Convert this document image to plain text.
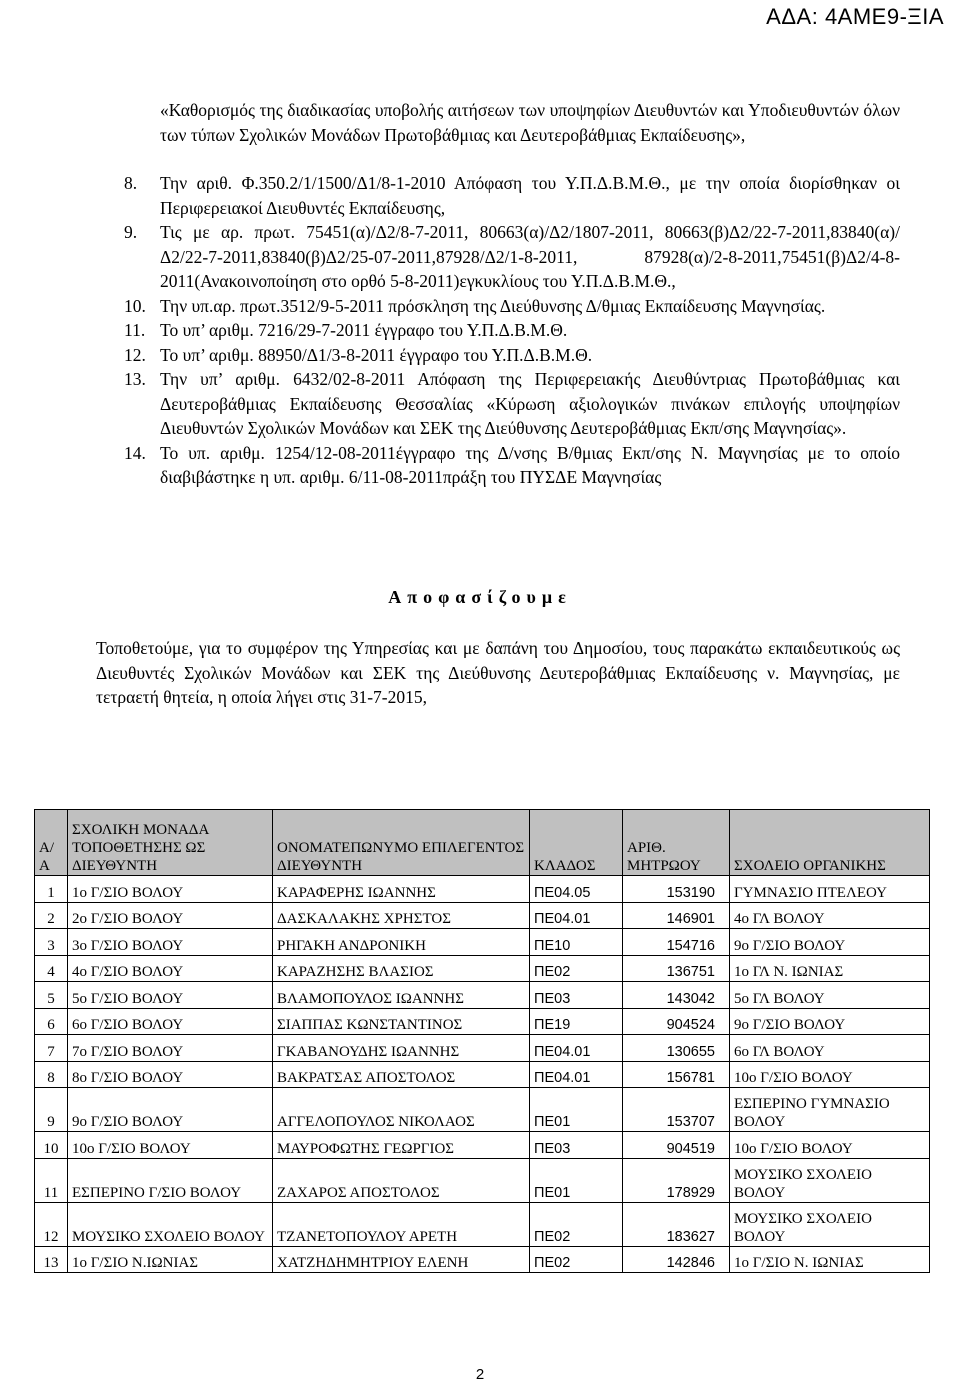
ΑΔΑ: 4ΑΜΕ9-ΞΙΑ

«Καθορισμός της διαδικασίας υποβολής αιτήσεων των υποψηφίων Διευθυντών και Υποδιευθυντών όλων των τύπων Σχολικών Μονάδων Πρωτοβάθμιας και Δευτεροβάθμιας Εκπαίδευσης»,

8.	Την αριθ. Φ.350.2/1/1500/Δ1/8-1-2010 Απόφαση του Υ.Π.Δ.Β.Μ.Θ., με την οποία διορίσθηκαν οι Περιφερειακοί Διευθυντές Εκπαίδευσης,
9.	Τις με αρ. πρωτ. 75451(α)/Δ2/8-7-2011, 80663(α)/Δ2/1807-2011, 80663(β)Δ2/22-7-2011,83840(α)/Δ2/22-7-2011,83840(β)Δ2/25-07-2011,87928/Δ2/1-8-2011, 87928(α)/2-8-2011,75451(β)Δ2/4-8-2011(Ανακοινοποίηση στο ορθό 5-8-2011)εγκυκλίους του Υ.Π.Δ.Β.Μ.Θ.,
10. Την υπ.αρ. πρωτ.3512/9-5-2011 πρόσκληση της Διεύθυνσης Δ/θμιας Εκπαίδευσης Μαγνησίας.
11. Το υπ’ αριθμ. 7216/29-7-2011 έγγραφο του Υ.Π.Δ.Β.Μ.Θ.
12. Το υπ’ αριθμ. 88950/Δ1/3-8-2011 έγγραφο του Υ.Π.Δ.Β.Μ.Θ.
13. Την υπ’ αριθμ. 6432/02-8-2011 Απόφαση της Περιφερειακής Διευθύντριας Πρωτοβάθμιας και Δευτεροβάθμιας Εκπαίδευσης Θεσσαλίας «Κύρωση αξιολογικών πινάκων επιλογής υποψηφίων Διευθυντών Σχολικών Μονάδων και ΣΕΚ της Διεύθυνσης Δευτεροβάθμιας Εκπ/σης Μαγνησίας».
14. Το υπ. αριθμ. 1254/12-08-2011έγγραφο της Δ/νσης Β/θμιας Εκπ/σης Ν. Μαγνησίας με το οποίο διαβιβάστηκε η υπ. αριθμ. 6/11-08-2011πράξη του ΠΥΣΔΕ Μαγνησίας
Αποφασίζουμε
Τοποθετούμε, για το συμφέρον της Υπηρεσίας και με δαπάνη του Δημοσίου, τους παρακάτω εκπαιδευτικούς ως Διευθυντές Σχολικών Μονάδων και ΣΕΚ της Διεύθυνσης Δευτεροβάθμιας Εκπαίδευσης ν. Μαγνησίας, με τετραετή θητεία, η οποία λήγει στις 31-7-2015,
Α/Α	ΣΧΟΛΙΚΗ ΜΟΝΑΔΑ ΤΟΠΟΘΕΤΗΣΗΣ ΩΣ ΔΙΕΥΘΥΝΤΗ	ΟΝΟΜΑΤΕΠΩΝΥΜΟ ΕΠΙΛΕΓΕΝΤΟΣ ΔΙΕΥΘΥΝΤΗ	ΚΛΑΔΟΣ	ΑΡΙΘ. ΜΗΤΡΩΟΥ	ΣΧΟΛΕΙΟ ΟΡΓΑΝΙΚΗΣ
1	1ο Γ/ΣΙΟ ΒΟΛΟΥ	ΚΑΡΑΦΕΡΗΣ ΙΩΑΝΝΗΣ	ΠΕ04.05	153190	ΓΥΜΝΑΣΙΟ ΠΤΕΛΕΟΥ
2	2ο Γ/ΣΙΟ ΒΟΛΟΥ	ΔΑΣΚΑΛΑΚΗΣ ΧΡΗΣΤΟΣ	ΠΕ04.01	146901	4ο ΓΛ ΒΟΛΟΥ
3	3ο Γ/ΣΙΟ ΒΟΛΟΥ	ΡΗΓΑΚΗ ΑΝΔΡΟΝΙΚΗ	ΠΕ10	154716	9ο Γ/ΣΙΟ ΒΟΛΟΥ
4	4ο Γ/ΣΙΟ ΒΟΛΟΥ	ΚΑΡΑΖΗΣΗΣ ΒΛΑΣΙΟΣ	ΠΕ02	136751	1ο ΓΛ Ν. ΙΩΝΙΑΣ
5	5ο Γ/ΣΙΟ ΒΟΛΟΥ	ΒΛΑΜΟΠΟΥΛΟΣ ΙΩΑΝΝΗΣ	ΠΕ03	143042	5ο ΓΛ ΒΟΛΟΥ
6	6ο Γ/ΣΙΟ ΒΟΛΟΥ	ΣΙΑΠΠΑΣ ΚΩΝΣΤΑΝΤΙΝΟΣ	ΠΕ19	904524	9ο Γ/ΣΙΟ ΒΟΛΟΥ
7	7ο Γ/ΣΙΟ ΒΟΛΟΥ	ΓΚΑΒΑΝΟΥΔΗΣ ΙΩΑΝΝΗΣ	ΠΕ04.01	130655	6ο ΓΛ ΒΟΛΟΥ
8	8ο Γ/ΣΙΟ ΒΟΛΟΥ	ΒΑΚΡΑΤΣΑΣ ΑΠΟΣΤΟΛΟΣ	ΠΕ04.01	156781	10ο Γ/ΣΙΟ ΒΟΛΟΥ
9	9ο Γ/ΣΙΟ ΒΟΛΟΥ	ΑΓΓΕΛΟΠΟΥΛΟΣ ΝΙΚΟΛΑΟΣ	ΠΕ01	153707	ΕΣΠΕΡΙΝΟ ΓΥΜΝΑΣΙΟ ΒΟΛΟΥ
10	10ο Γ/ΣΙΟ ΒΟΛΟΥ	ΜΑΥΡΟΦΩΤΗΣ ΓΕΩΡΓΙΟΣ	ΠΕ03	904519	10ο Γ/ΣΙΟ ΒΟΛΟΥ
11	ΕΣΠΕΡΙΝΟ Γ/ΣΙΟ ΒΟΛΟΥ	ΖΑΧΑΡΟΣ ΑΠΟΣΤΟΛΟΣ	ΠΕ01	178929	ΜΟΥΣΙΚΟ ΣΧΟΛΕΙΟ ΒΟΛΟΥ
12	ΜΟΥΣΙΚΟ ΣΧΟΛΕΙΟ ΒΟΛΟΥ	ΤΖΑΝΕΤΟΠΟΥΛΟΥ ΑΡΕΤΗ	ΠΕ02	183627	ΜΟΥΣΙΚΟ ΣΧΟΛΕΙΟ ΒΟΛΟΥ
13	1ο Γ/ΣΙΟ Ν.ΙΩΝΙΑΣ	ΧΑΤΖΗΔΗΜΗΤΡΙΟΥ ΕΛΕΝΗ	ΠΕ02	142846	1ο Γ/ΣΙΟ Ν. ΙΩΝΙΑΣ
2
